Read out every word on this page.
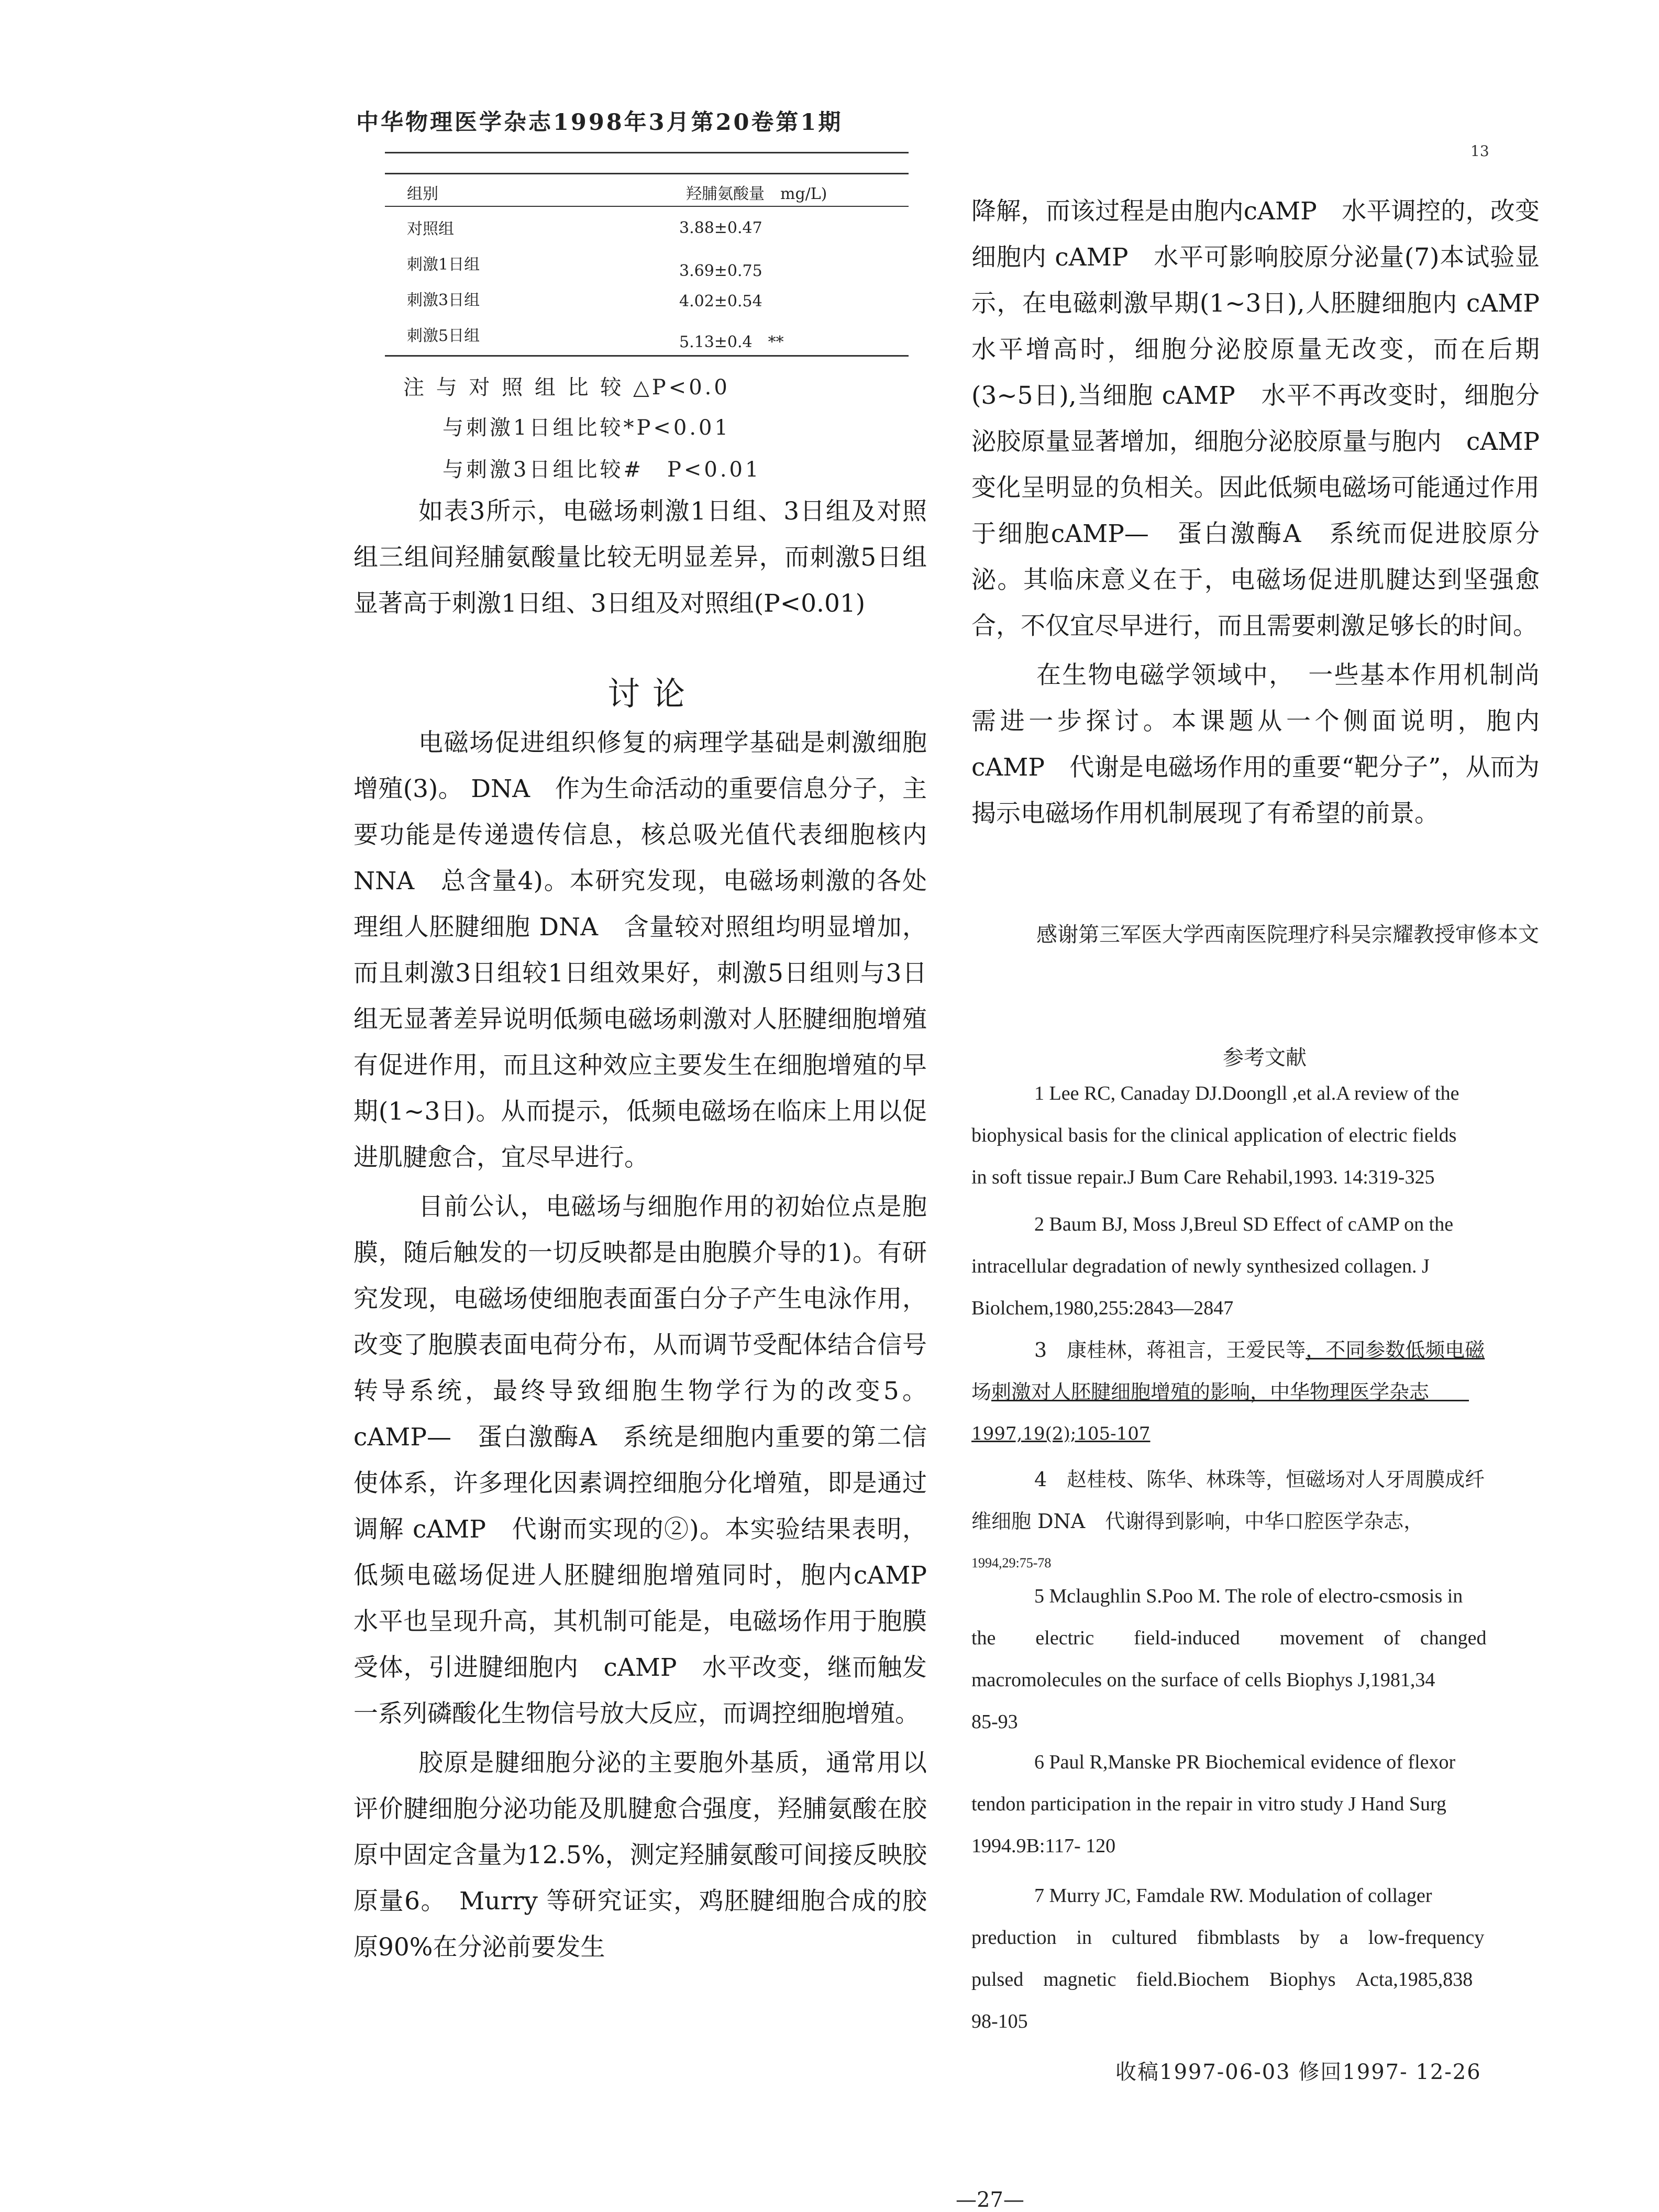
中华物理医学杂志1998年3月第20卷第1期
13
组别	羟脯氨酸量　mg/L)
对照组	3.88±0.47
刺激1日组	3.69±0.75
刺激3日组	4.02±0.54
刺激5日组	5.13±0.4　**
注 与 对 照 组 比 较 △P<0.0
与刺激1日组比较*P<0.01
与刺激3日组比较#　P<0.01

如表3所示，电磁场刺激1日组、3日组及对照组三组间羟脯氨酸量比较无明显差异，而刺激5日组显著高于刺激1日组、3日组及对照组(P<0.01)

讨论

电磁场促进组织修复的病理学基础是刺激细胞增殖(3)。 DNA　作为生命活动的重要信息分子，主要功能是传递遗传信息，核总吸光值代表细胞核内NNA　总含量4)。本研究发现，电磁场刺激的各处理组人胚腱细胞 DNA　含量较对照组均明显增加，而且刺激3日组较1日组效果好，刺激5日组则与3日组无显著差异说明低频电磁场刺激对人胚腱细胞增殖有促进作用，而且这种效应主要发生在细胞增殖的早期(1~3日)。从而提示，低频电磁场在临床上用以促进肌腱愈合，宜尽早进行。

目前公认，电磁场与细胞作用的初始位点是胞膜，随后触发的一切反映都是由胞膜介导的1)。有研究发现，电磁场使细胞表面蛋白分子产生电泳作用，改变了胞膜表面电荷分布，从而调节受配体结合信号转导系统，最终导致细胞生物学行为的改变5。cAMP—　蛋白激酶A　系统是细胞内重要的第二信使体系，许多理化因素调控细胞分化增殖，即是通过调解 cAMP　代谢而实现的②)。本实验结果表明，低频电磁场促进人胚腱细胞增殖同时，胞内cAMP　水平也呈现升高，其机制可能是，电磁场作用于胞膜受体，引进腱细胞内　cAMP　水平改变，继而触发一系列磷酸化生物信号放大反应，而调控细胞增殖。

胶原是腱细胞分泌的主要胞外基质，通常用以评价腱细胞分泌功能及肌腱愈合强度，羟脯氨酸在胶原中固定含量为12.5%，测定羟脯氨酸可间接反映胶原量6。　Murry 等研究证实，鸡胚腱细胞合成的胶原90%在分泌前要发生

降解，而该过程是由胞内cAMP　水平调控的，改变细胞内 cAMP　水平可影响胶原分泌量(7)本试验显示，在电磁刺激早期(1~3日),人胚腱细胞内 cAMP　水平增高时，细胞分泌胶原量无改变，而在后期(3~5日),当细胞 cAMP　水平不再改变时，细胞分泌胶原量显著增加，细胞分泌胶原量与胞内　cAMP　变化呈明显的负相关。因此低频电磁场可能通过作用于细胞cAMP—　蛋白激酶A　系统而促进胶原分泌。其临床意义在于，电磁场促进肌腱达到坚强愈合，不仅宜尽早进行，而且需要刺激足够长的时间。

在生物电磁学领域中，　一些基本作用机制尚需进一步探讨。本课题从一个侧面说明，胞内 cAMP　代谢是电磁场作用的重要“靶分子”，从而为揭示电磁场作用机制展现了有希望的前景。

感谢第三军医大学西南医院理疗科吴宗耀教授审修本文

参考文献

1 Lee RC, Canaday DJ.Doongll ,et al.A review of the

biophysical basis for the clinical application of electric fields

in soft tissue repair.J Bum Care Rehabil,1993. 14:319-325

2 Baum BJ, Moss J,Breul SD Effect of cAMP on the

intracellular degradation of newly synthesized collagen. J

Biolchem,1980,255:2843—2847

3　康桂林，蒋祖言，王爱民等，不同参数低频电磁

场刺激对人胚腱细胞增殖的影响，中华物理医学杂志　　

1997,19(2);105-107

4　赵桂枝、陈华、林珠等，恒磁场对人牙周膜成纤

维细胞 DNA　代谢得到影响，中华口腔医学杂志，

1994,29:75-78

5 Mclaughlin S.Poo M. The role of electro-csmosis in

the　　electric　　field-induced　　movement　of　changed

macromolecules on the surface of cells Biophys J,1981,34

85-93

6 Paul R,Manske PR Biochemical evidence of flexor

tendon participation in the repair in vitro study J Hand Surg

1994.9B:117- 120

7 Murry JC, Famdale RW. Modulation of collager

preduction　in　cultured　fibmblasts　by　a　low-frequency

pulsed　magnetic　field.Biochem　Biophys　Acta,1985,838

98-105

收稿1997-06-03 修回1997- 12-26
—27—
